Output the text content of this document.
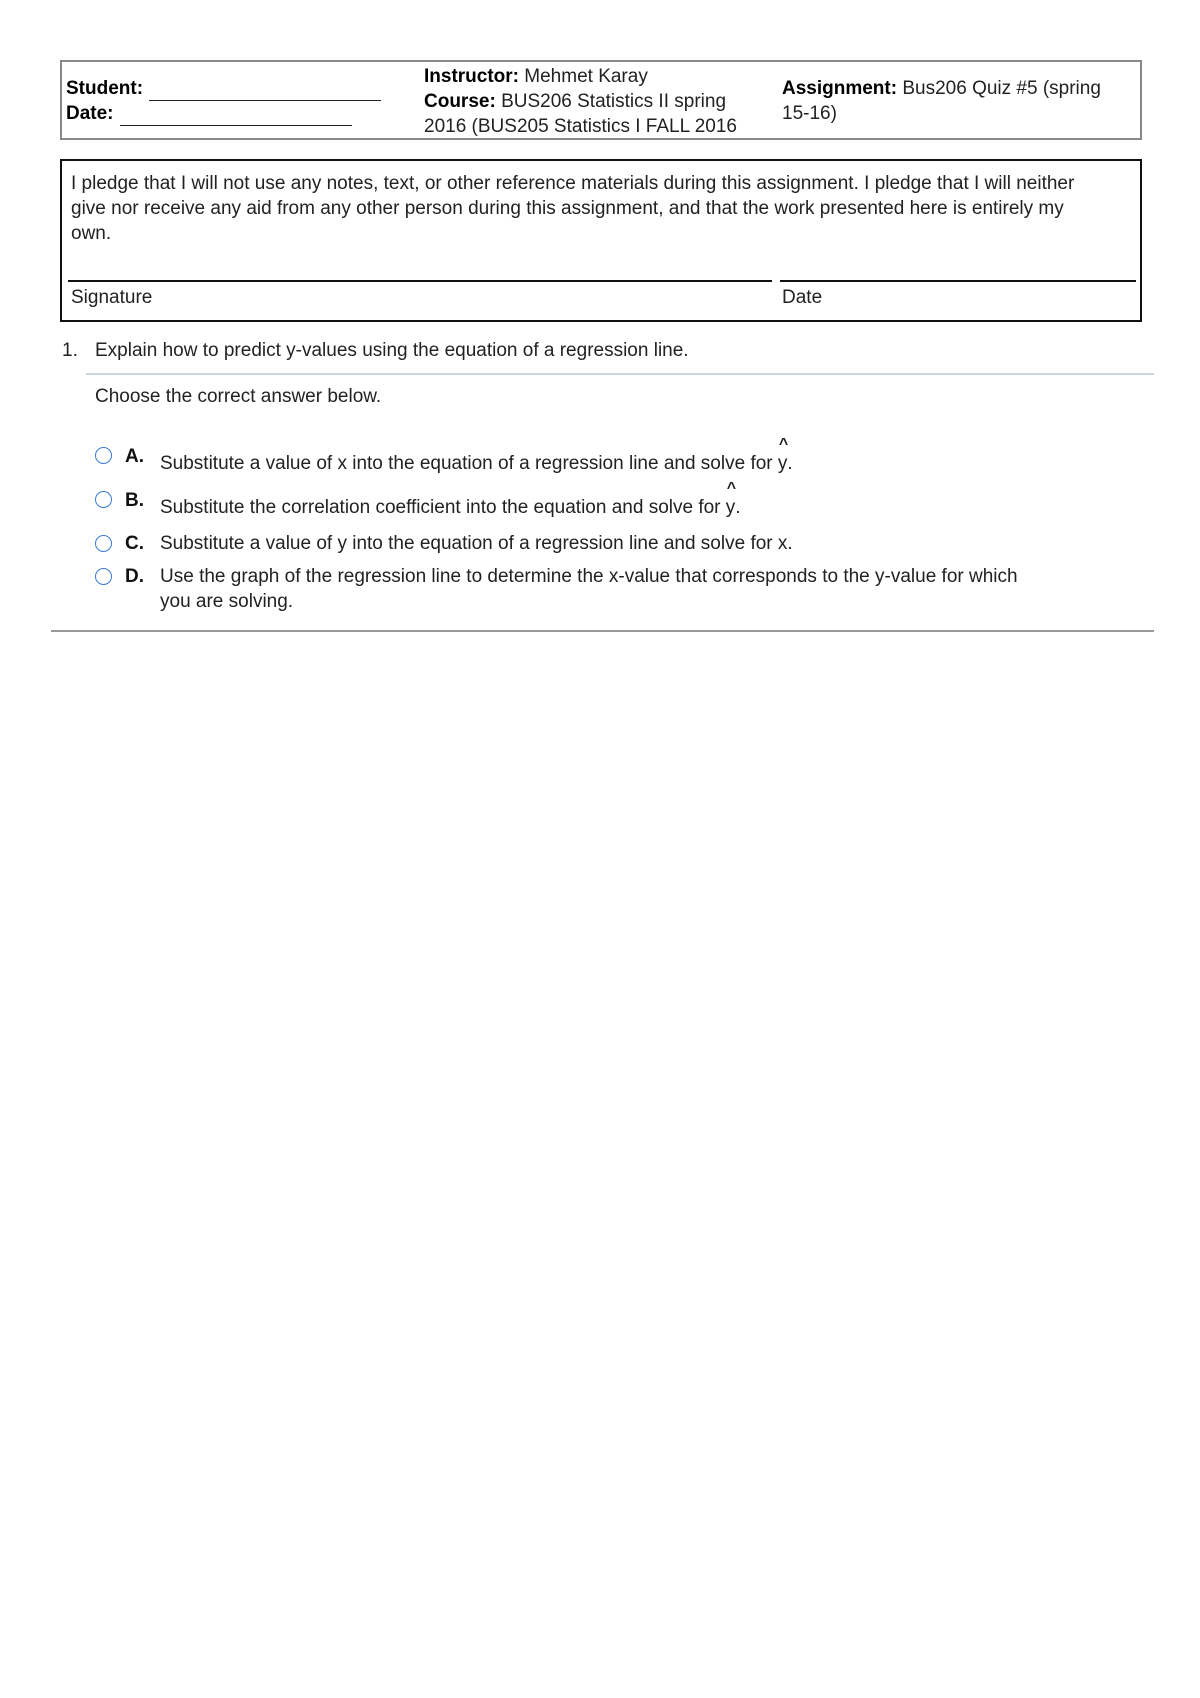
Student:
Date:
Instructor: Mehmet Karay
Course: BUS206 Statistics II spring
2016 (BUS205 Statistics I FALL 2016
Assignment: Bus206 Quiz #5 (spring
15-16)
I pledge that I will not use any notes, text, or other reference materials during this assignment. I pledge that I will neither
give nor receive any aid from any other person during this assignment, and that the work presented here is entirely my
own.
Signature	Date
1. Explain how to predict y-values using the equation of a regression line.
Choose the correct answer below.
A. Substitute a value of x into the equation of a regression line and solve for
^
y.
B. Substitute the correlation coefficient into the equation and solve for
^
y.
C. Substitute a value of y into the equation of a regression line and solve for x.
D. Use the graph of the regression line to determine the x-value that corresponds to the y-value for which
you are solving.
